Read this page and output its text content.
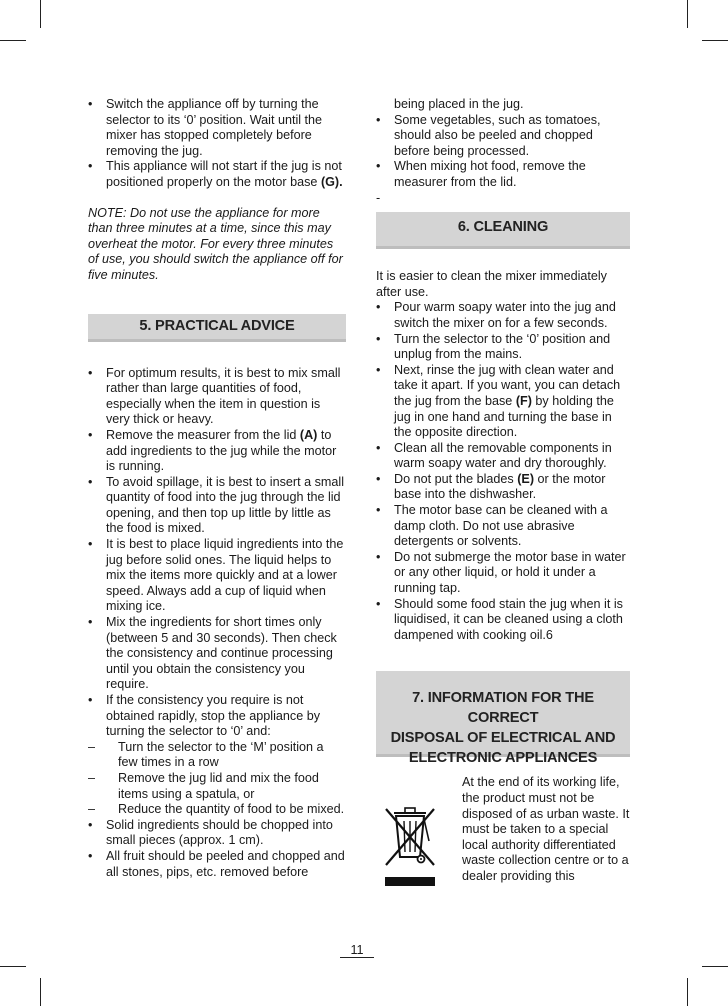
• Switch the appliance off by turning the selector to its ‘0’ position. Wait until the mixer has stopped completely before removing the jug.
• This appliance will not start if the jug is not positioned properly on the motor base (G).

NOTE: Do not use the appliance for more than three minutes at a time, since this may overheat the motor. For every three minutes of use, you should switch the appliance off for five minutes.

5. PRACTICAL ADVICE
• For optimum results, it is best to mix small rather than large quantities of food, especially when the item in question is very thick or heavy.
• Remove the measurer from the lid (A) to add ingredients to the jug while the motor is running.
• To avoid spillage, it is best to insert a small quantity of food into the jug through the lid opening, and then top up little by little as the food is mixed.
• It is best to place liquid ingredients into the jug before solid ones. The liquid helps to mix the items more quickly and at a lower speed. Always add a cup of liquid when mixing ice.
• Mix the ingredients for short times only (between 5 and 30 seconds). Then check the consistency and continue processing until you obtain the consistency you require.
• If the consistency you require is not obtained rapidly, stop the appliance by turning the selector to ‘0’ and:
– Turn the selector to the ‘M’ position a few times in a row
– Remove the jug lid and mix the food items using a spatula, or
– Reduce the quantity of food to be mixed.
• Solid ingredients should be chopped into small pieces (approx. 1 cm).
• All fruit should be peeled and chopped and all stones, pips, etc. removed before

being placed in the jug.

• Some vegetables, such as tomatoes, should also be peeled and chopped before being processed.
• When mixing hot food, remove the measurer from the lid.

-

6. CLEANING

It is easier to clean the mixer immediately after use.

• Pour warm soapy water into the jug and switch the mixer on for a few seconds.
• Turn the selector to the ‘0’ position and unplug from the mains.
• Next, rinse the jug with clean water and take it apart. If you want, you can detach the jug from the base (F) by holding the jug in one hand and turning the base in the opposite direction.
• Clean all the removable components in warm soapy water and dry thoroughly.
• Do not put the blades (E) or the motor base into the dishwasher.
• The motor base can be cleaned with a damp cloth. Do not use abrasive detergents or solvents.
• Do not submerge the motor base in water or any other liquid, or hold it under a running tap.
• Should some food stain the jug when it is liquidised, it can be cleaned using a cloth dampened with cooking oil.6
7. INFORMATION FOR THE CORRECT
DISPOSAL OF ELECTRICAL AND
ELECTRONIC APPLIANCES

At the end of its working life, the product must not be disposed of as urban waste. It must be taken to a special local authority differentiated waste collection centre or to a dealer providing this

11
